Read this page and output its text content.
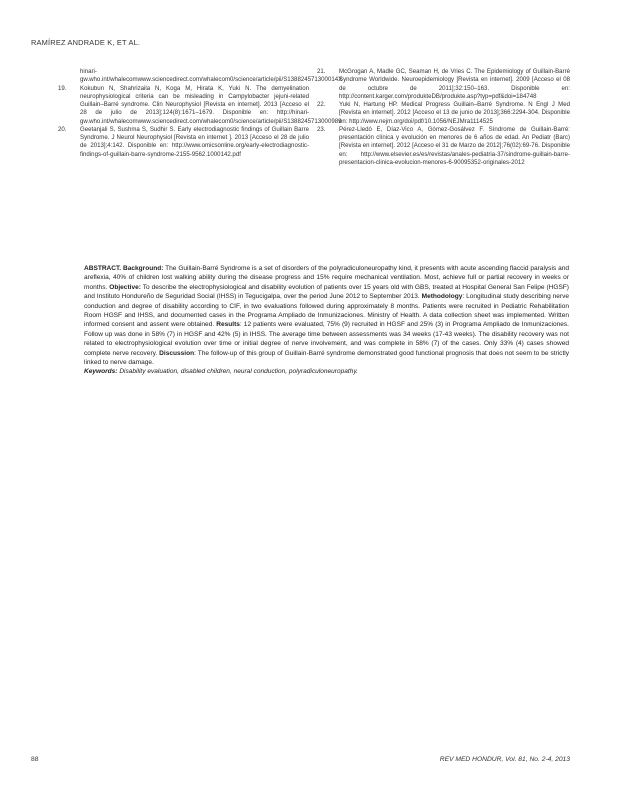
RAMÍREZ ANDRADE K, ET AL.
hinari-gw.who.int/whalecomwww.sciencedirect.com/whalecom0/science/article/pii/S138824571300014X
19. Kokubun N, Shahrizaila N, Koga M, Hirata K, Yuki N. The demyelination neurophysiological criteria can be misleading in Campylobacter jejuni-related Guillain–Barré syndrome. Clin Neurophysiol [Revista en internet]. 2013 [Acceso el 28 de julio de 2013];124(8):1671–1679. Disponible en: http://hinari-gw.who.int/whalecomwww.sciencedirect.com/whalecom0/science/article/pii/S1388245713000989
20. Geetanjali S, Sushma S, Sudhir S. Early electrodiagnostic findings of Guillain Barre Syndrome. J Neurol Neurophysiol [Revista en internet ]. 2013 [Acceso el 28 de julio de 2013];4:142. Disponible en: http://www.omicsonline.org/early-electrodiagnostic-findings-of-guillain-barre-syndrome-2155-9562.1000142.pdf
21. McGrogan A, Madle GC, Seaman H, de Vries C. The Epidemiology of Guillain-Barré Syndrome Worldwide. Neuroepidemiology [Revista en internet]. 2009 [Acceso el 08 de octubre de 2011];32:150–163. Disponible en: http://content.karger.com/produkteDB/produkte.asp?typ=pdf&doi=184748
22. Yuki N, Hartung HP. Medical Progress Guillain–Barré Syndrome. N Engl J Med [Revista en internet]. 2012 [Acceso el 13 de junio de 2013];366:2294-304. Disponible en: http://www.nejm.org/doi/pdf/10.1056/NEJMra1114525
23. Pérez-Lledó E, Díaz-Vico A, Gómez-Gosálvez F. Síndrome de Guillain-Barré: presentación clínica y evolución en menores de 6 años de edad. An Pediatr (Barc) [Revista en internet]. 2012 [Acceso el 31 de Marzo de 2012];76(02):69-76. Disponible en: http://www.elsevier.es/es/revistas/anales-pediatria-37/sindrome-guillain-barre-presentacion-clinica-evolucion-menores-6-90095352-originales-2012
ABSTRACT. Background: The Guillain-Barré Syndrome is a set of disorders of the polyradiculoneuropathy kind, it presents with acute ascending flaccid paralysis and areflexia, 40% of children lost walking ability during the disease progress and 15% require mechanical ventilation. Most, achieve full or partial recovery in weeks or months. Objective: To describe the electrophysiological and disability evolution of patients over 15 years old with GBS, treated at Hospital General San Felipe (HGSF) and Instituto Hondureño de Seguridad Social (IHSS) in Tegucigalpa, over the period June 2012 to September 2013. Methodology: Longitudinal study describing nerve conduction and degree of disability according to CIF, in two evaluations followed during approximately 8 months. Patients were recruited in Pediatric Rehabilitation Room HGSF and IHSS, and documented cases in the Programa Ampliado de Inmunizaciones. Ministry of Health. A data collection sheet was implemented. Written informed consent and assent were obtained. Results: 12 patients were evaluated, 75% (9) recruited in HGSF and 25% (3) in Programa Ampliado de Inmunizaciones. Follow up was done in 58% (7) in HGSF and 42% (5) in IHSS. The average time between assessments was 34 weeks (17-43 weeks). The disability recovery was not related to electrophysiological evolution over time or initial degree of nerve involvement, and was complete in 58% (7) of the cases. Only 33% (4) cases showed complete nerve recovery. Discussion: The follow-up of this group of Guillain-Barré syndrome demonstrated good functional prognosis that does not seem to be strictly linked to nerve damage.
Keywords: Disability evaluation, disabled children, neural conduction, polyradiculoneuropathy.
88	REV MED HONDUR, Vol. 81, No. 2-4, 2013
